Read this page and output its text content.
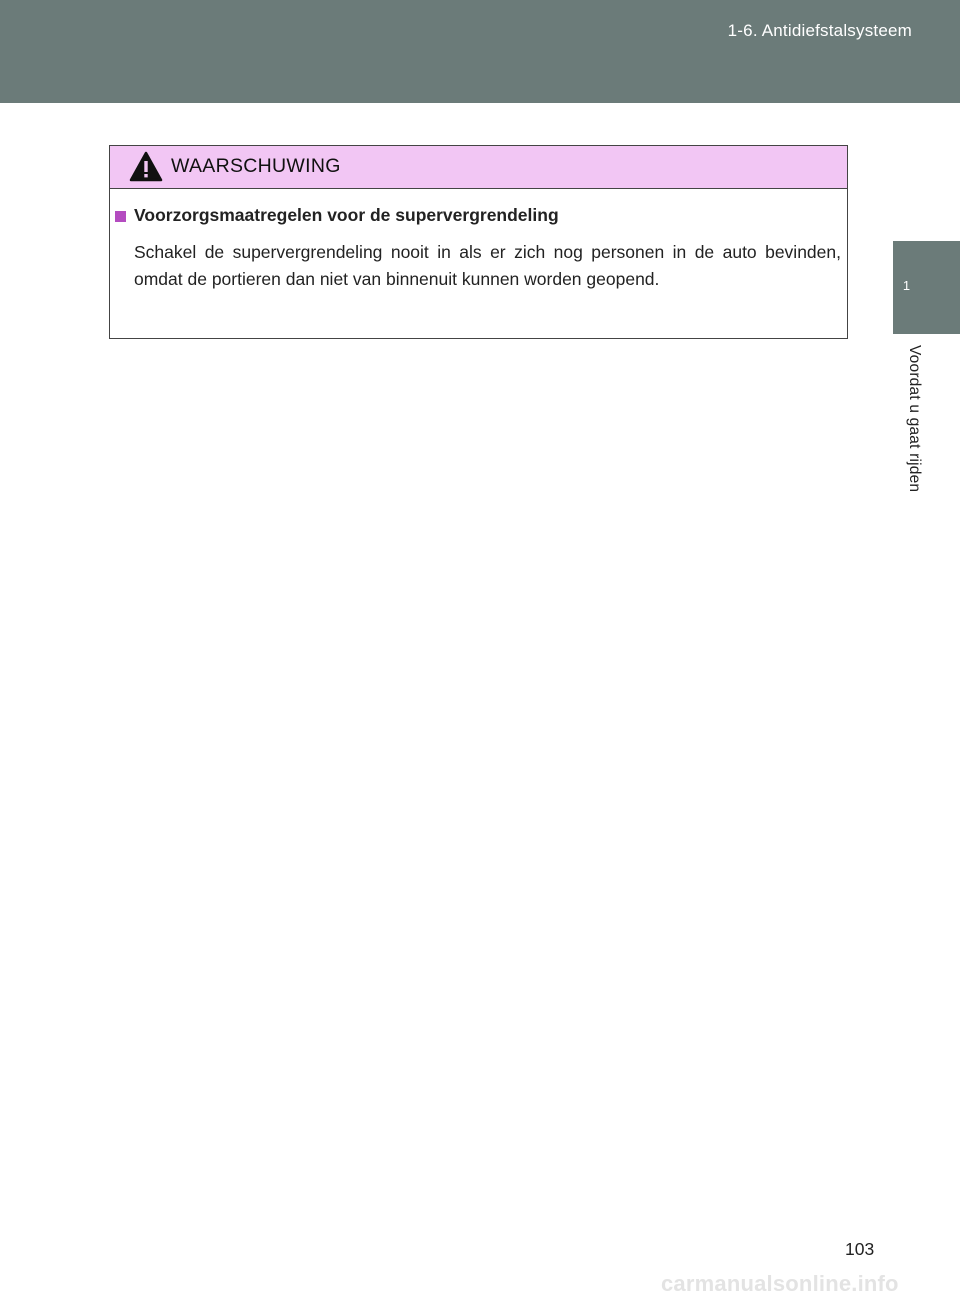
1-6. Antidiefstalsysteem
1
Voordat u gaat rijden
WAARSCHUWING
Voorzorgsmaatregelen voor de supervergrendeling
Schakel de supervergrendeling nooit in als er zich nog personen in de auto bevinden, omdat de portieren dan niet van binnenuit kunnen worden geopend.
103
carmanualsonline.info
